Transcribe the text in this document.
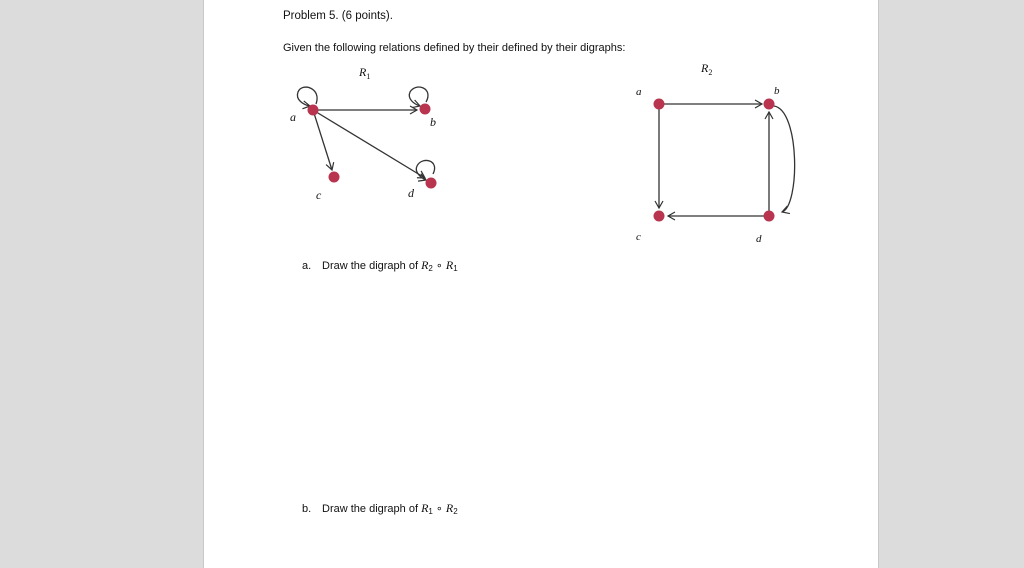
Problem 5. (6 points).
Given the following relations defined by their defined by their digraphs:
$R_1$
a	b
c	d
$R_2$
a	b
c	d
a. Draw the digraph of $R_2$ ∘ $R_1$
b. Draw the digraph of $R_1$ ∘ $R_2$
